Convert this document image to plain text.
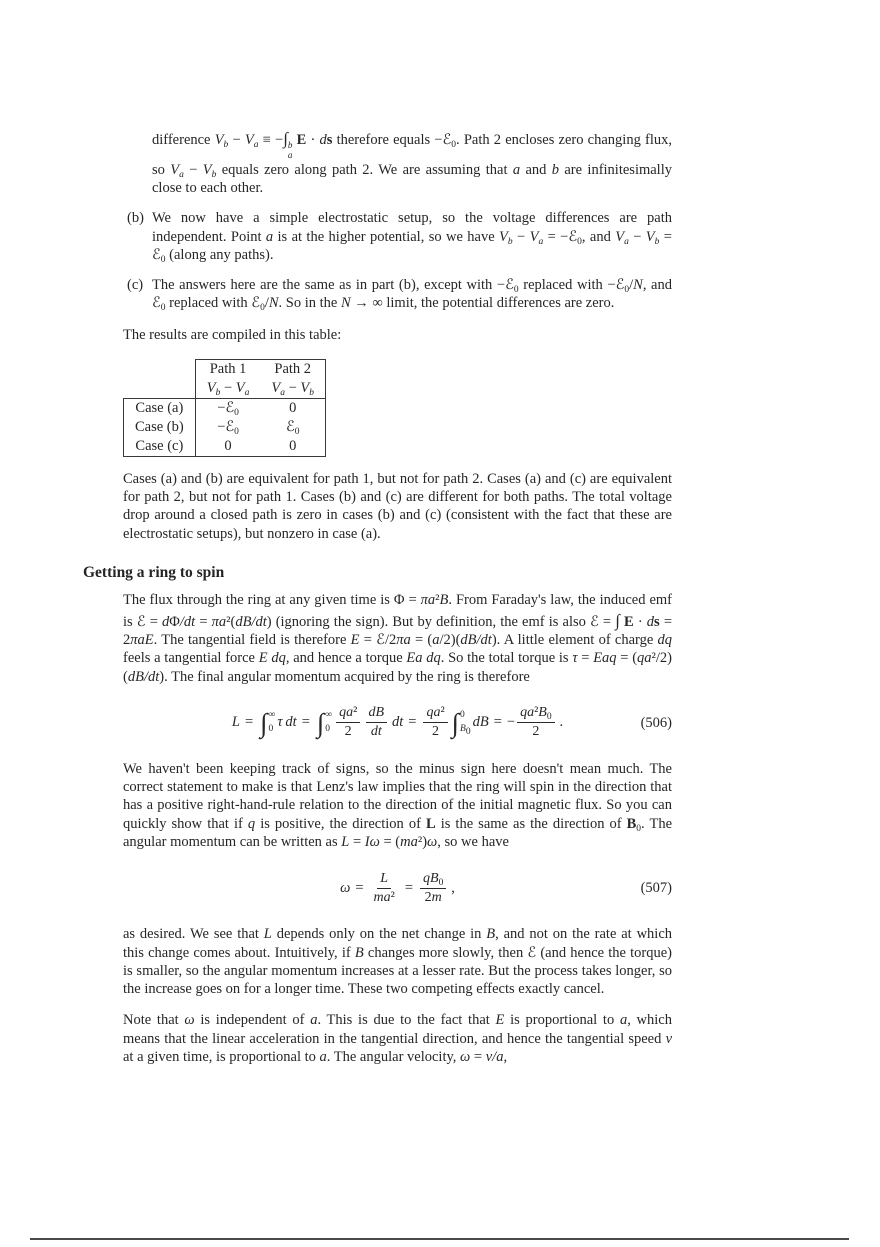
difference $V_b - V_a$ ≡ −∫ b
a
E · ds therefore equals −ℰ$_0$. Path 2 encloses zero changing flux, so $V_a - V_b$ equals zero along path 2. We are assuming that a and b are infinitesimally close to each other.

(b) We now have a simple electrostatic setup, so the voltage differences are path independent. Point a is at the higher potential, so we have $V_b - V_a$ = −ℰ$_0$, and $V_a - V_b$ = ℰ$_0$ (along any paths).

(c) The answers here are the same as in part (b), except with −ℰ$_0$ replaced with −ℰ$_0$/N, and ℰ$_0$ replaced with ℰ$_0$/N. So in the N → ∞ limit, the potential differences are zero.

The results are compiled in this table:

	Path 1	Path 2
	$V_b - V_a$	$V_a - V_b$
Case (a)	−ℰ$_0$	0
Case (b)	−ℰ$_0$	ℰ$_0$
Case (c)	0	0

Cases (a) and (b) are equivalent for path 1, but not for path 2. Cases (a) and (c) are equivalent for path 2, but not for path 1. Cases (b) and (c) are different for both paths. The total voltage drop around a closed path is zero in cases (b) and (c) (consistent with the fact that these are electrostatic setups), but nonzero in case (a).

Getting a ring to spin

The flux through the ring at any given time is Φ = πa²B. From Faraday's law, the induced emf is ℰ = dΦ/dt = πa²(dB/dt) (ignoring the sign). But by definition, the emf is also ℰ = ∫ E · ds = 2πaE. The tangential field is therefore E = ℰ/2πa = (a/2)(dB/dt). A little element of charge dq feels a tangential force E dq, and hence a torque Ea dq. So the total torque is τ = Eaq = (qa²/2)(dB/dt). The final angular momentum acquired by the ring is therefore

L = ∫ ∞
0 τ  dt = ∫ ∞
$0 \frac{\text{qa²}}{2}$
  $\frac{dB}{dt}$
  dt = $\frac{\text{qa²}}{2}$ ∫ 0
$B_0$
dB = − $\frac{qa^2B_0}{2}$  .	(506)

We haven't been keeping track of signs, so the minus sign here doesn't mean much. The correct statement to make is that Lenz's law implies that the ring will spin in the direction that has a positive right-hand-rule relation to the direction of the initial magnetic flux. So you can quickly show that if q is positive, the direction of L is the same as the direction of $B_0$. The angular momentum can be written as L = Iω = (ma²)ω, so we have

$\omega = \frac{L}{\text{ma²}} = \frac{qB_0}{2m}$  ,	(507)

as desired. We see that L depends only on the net change in B, and not on the rate at which this change comes about. Intuitively, if B changes more slowly, then ℰ (and hence the torque) is smaller, so the angular momentum increases at a lesser rate. But the process takes longer, so the increase goes on for a longer time. These two competing effects exactly cancel.

Note that ω is independent of a. This is due to the fact that E is proportional to a, which means that the linear acceleration in the tangential direction, and hence the tangential speed v at a given time, is proportional to a. The angular velocity, ω = v/a,
